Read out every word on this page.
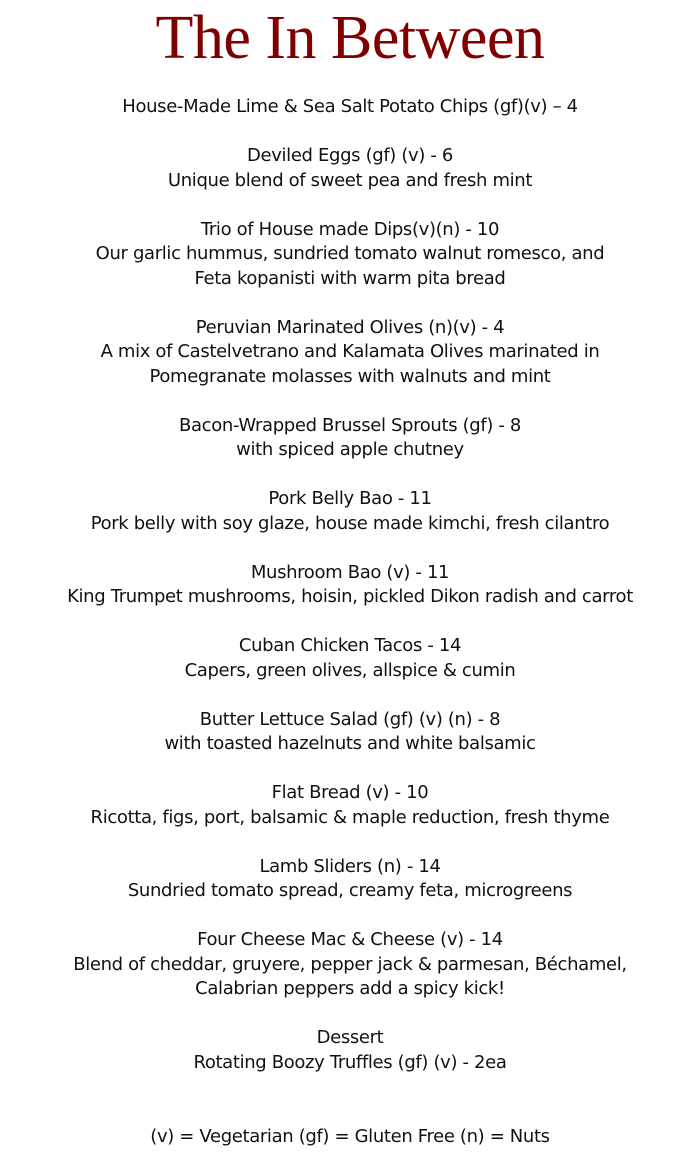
The In Between
House-Made Lime & Sea Salt Potato Chips (gf)(v) – 4
Deviled Eggs (gf) (v) - 6
Unique blend of sweet pea and fresh mint
Trio of House made Dips(v)(n) - 10
Our garlic hummus, sundried tomato walnut romesco, and
Feta kopanisti with warm pita bread
Peruvian Marinated Olives (n)(v) - 4
A mix of Castelvetrano and Kalamata Olives marinated in
Pomegranate molasses with walnuts and mint
Bacon-Wrapped Brussel Sprouts (gf) - 8
with spiced apple chutney
Pork Belly Bao - 11
Pork belly with soy glaze, house made kimchi, fresh cilantro
Mushroom Bao (v) - 11
King Trumpet mushrooms, hoisin, pickled Dikon radish and carrot
Cuban Chicken Tacos - 14
Capers, green olives, allspice & cumin
Butter Lettuce Salad (gf) (v) (n) - 8
with toasted hazelnuts and white balsamic
Flat Bread (v) - 10
Ricotta, figs, port, balsamic & maple reduction, fresh thyme
Lamb Sliders (n) - 14
Sundried tomato spread, creamy feta, microgreens
Four Cheese Mac & Cheese (v) - 14
Blend of cheddar, gruyere, pepper jack & parmesan, Béchamel,
Calabrian peppers add a spicy kick!
Dessert
Rotating Boozy Truffles (gf) (v) - 2ea
(v) = Vegetarian (gf) = Gluten Free (n) = Nuts
